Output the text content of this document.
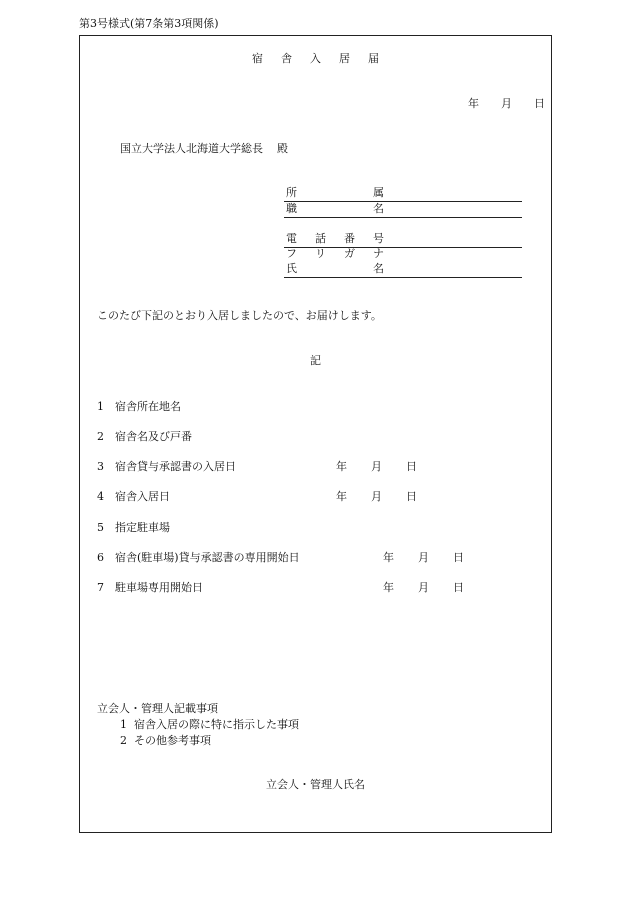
第3号様式(第7条第3項関係)
宿舎入居届
年 月 日
国立大学法人北海道大学総長 殿
所	属
職	名
電 話 番 号
フ リ ガ ナ
氏	名
このたび下記のとおり入居しましたので、お届けします。
記
1 宿舎所在地名
2 宿舎名及び戸番
3 宿舎貸与承認書の入居日	年 月 日
4 宿舎入居日	年 月 日
5 指定駐車場
6 宿舎(駐車場)貸与承認書の専用開始日	年 月 日
7 駐車場専用開始日	年 月 日
立会人・管理人記載事項
1 宿舎入居の際に特に指示した事項
2 その他参考事項
立会人・管理人氏名
